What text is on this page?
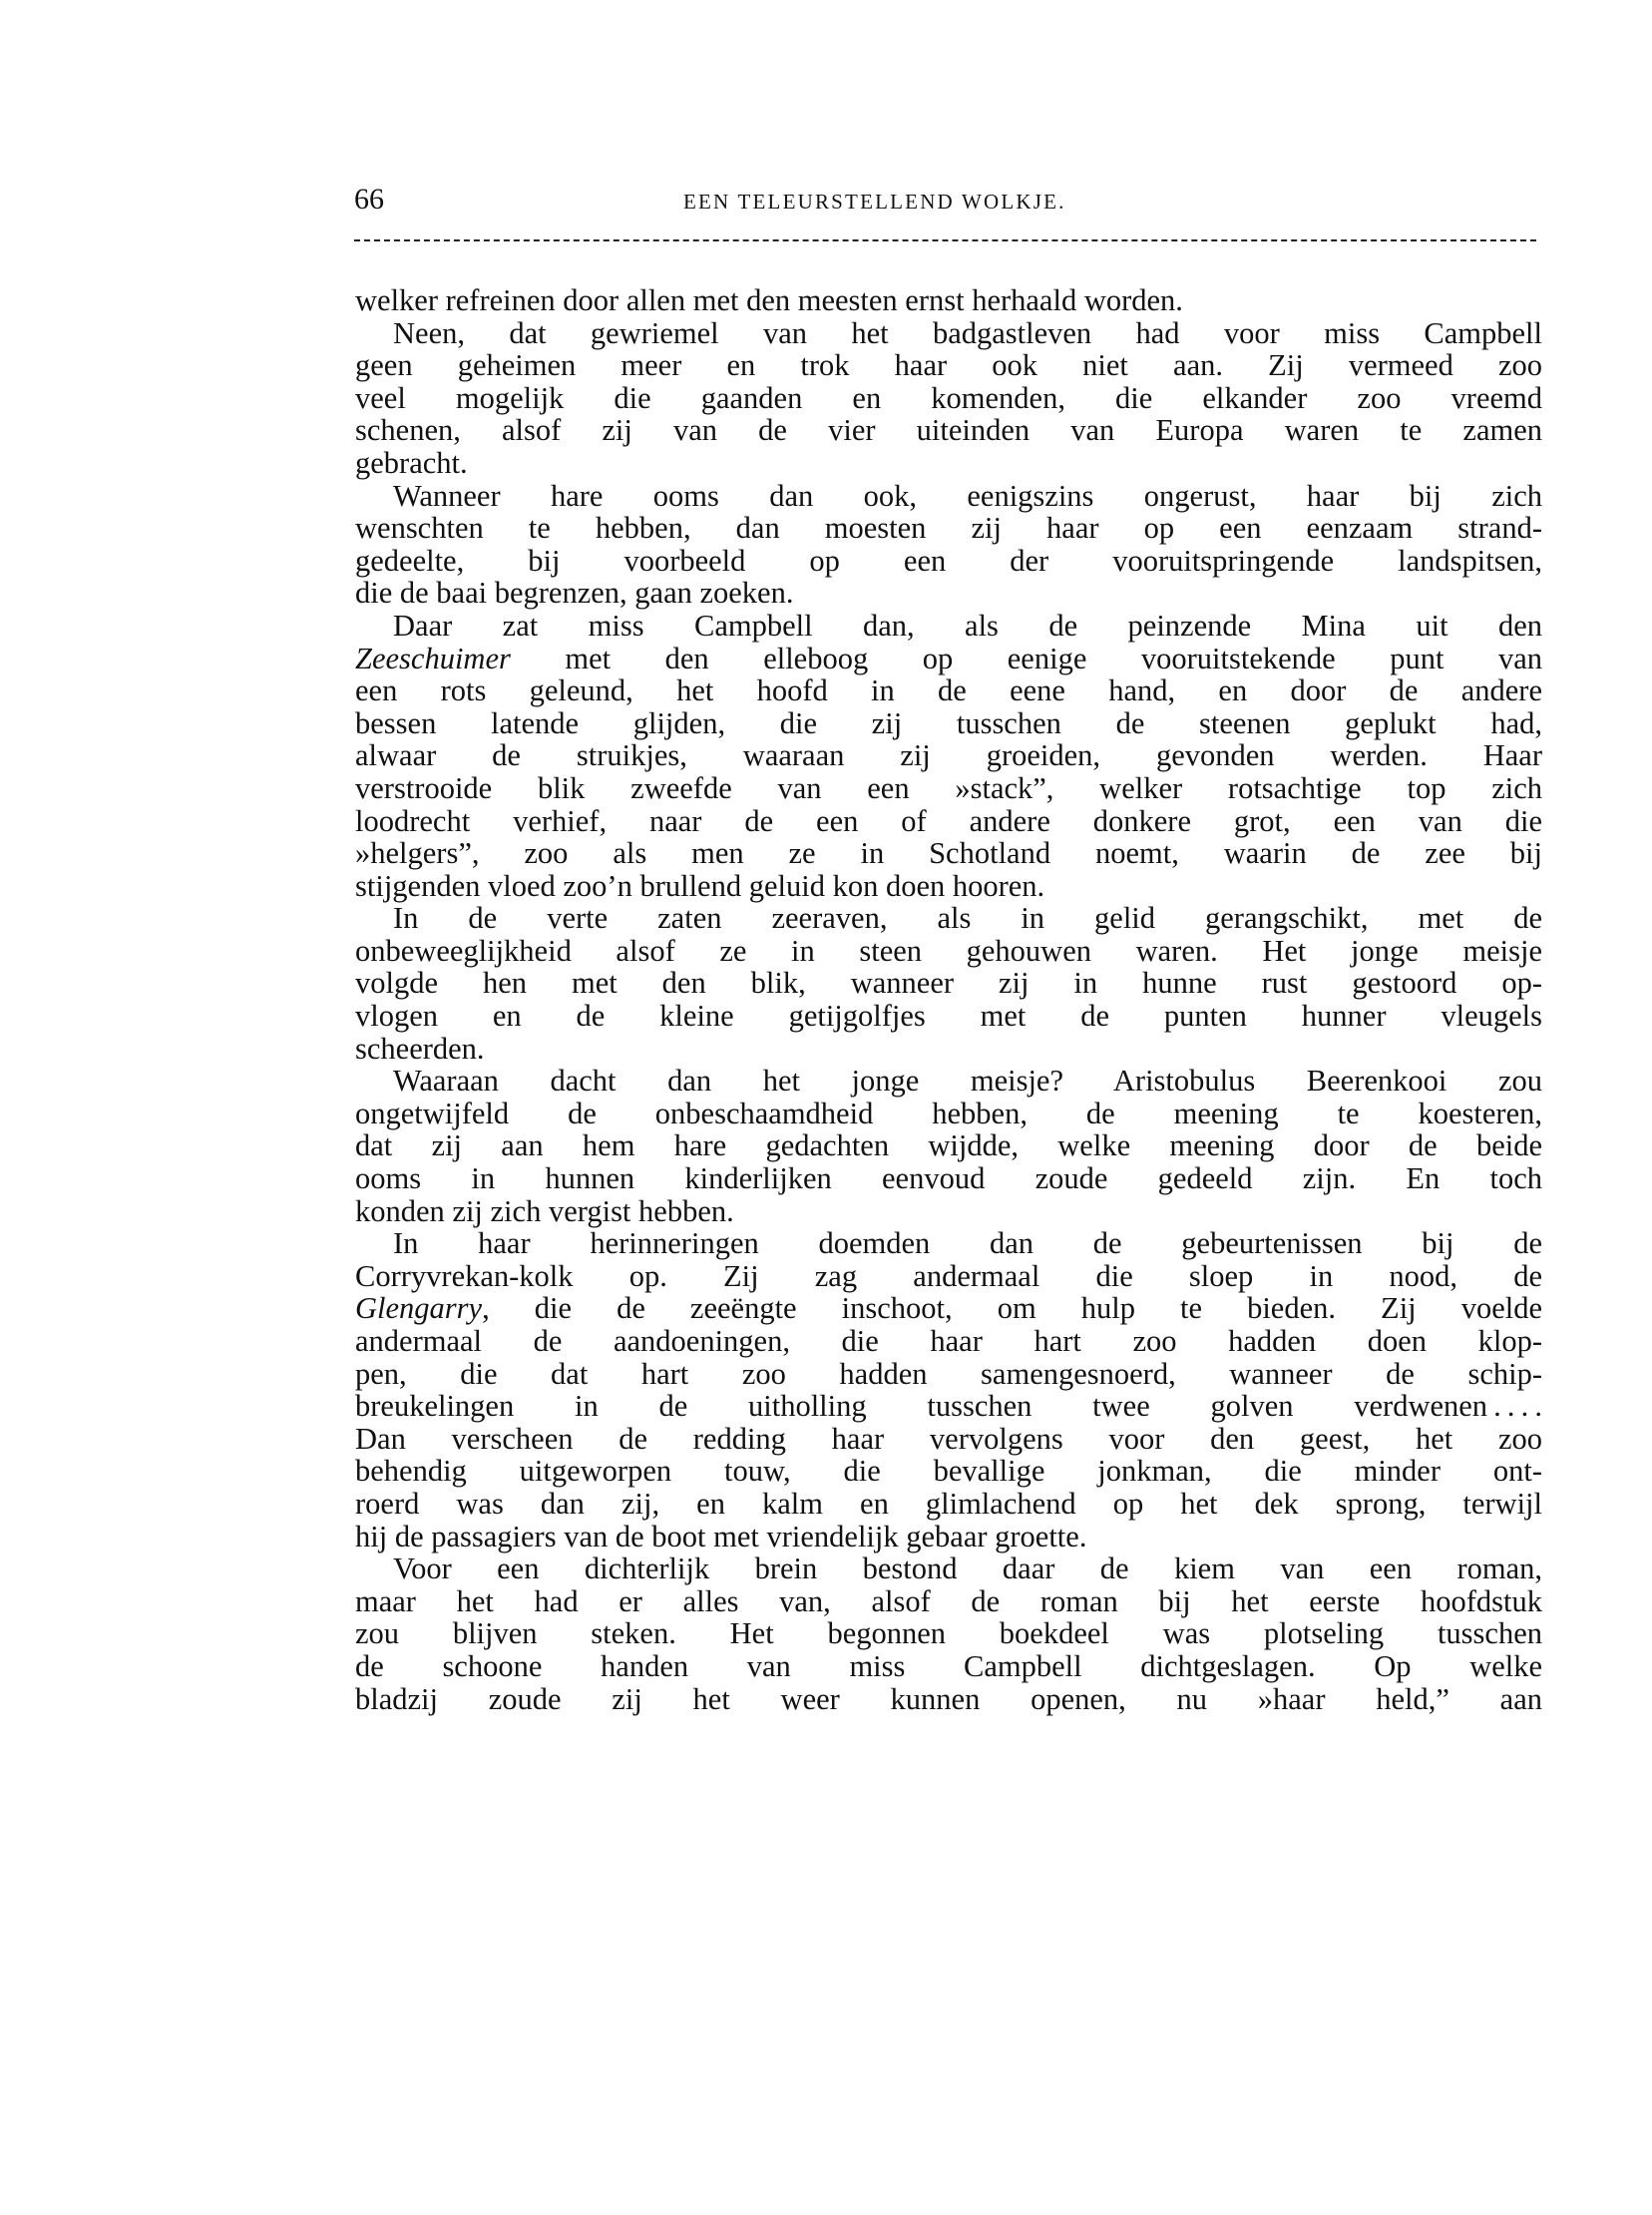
66	EEN TELEURSTELLEND WOLKJE.
welker refreinen door allen met den meesten ernst herhaald worden.
Neen, dat gewriemel van het badgastleven had voor miss Campbell
geen geheimen meer en trok haar ook niet aan. Zij vermeed zoo
veel mogelijk die gaanden en komenden, die elkander zoo vreemd
schenen, alsof zij van de vier uiteinden van Europa waren te zamen
gebracht.
Wanneer hare ooms dan ook, eenigszins ongerust, haar bij zich
wenschten te hebben, dan moesten zij haar op een eenzaam strand-
gedeelte, bij voorbeeld op een der vooruitspringende landspitsen,
die de baai begrenzen, gaan zoeken.
Daar zat miss Campbell dan, als de peinzende Mina uit den
Zeeschuimer met den elleboog op eenige vooruitstekende punt van
een rots geleund, het hoofd in de eene hand, en door de andere
bessen latende glijden, die zij tusschen de steenen geplukt had,
alwaar de struikjes, waaraan zij groeiden, gevonden werden. Haar
verstrooide blik zweefde van een »stack”, welker rotsachtige top zich
loodrecht verhief, naar de een of andere donkere grot, een van die
»helgers”, zoo als men ze in Schotland noemt, waarin de zee bij
stijgenden vloed zoo’n brullend geluid kon doen hooren.
In de verte zaten zeeraven, als in gelid gerangschikt, met de
onbeweeglijkheid alsof ze in steen gehouwen waren. Het jonge meisje
volgde hen met den blik, wanneer zij in hunne rust gestoord op-
vlogen en de kleine getijgolfjes met de punten hunner vleugels
scheerden.
Waaraan dacht dan het jonge meisje? Aristobulus Beerenkooi zou
ongetwijfeld de onbeschaamdheid hebben, de meening te koesteren,
dat zij aan hem hare gedachten wijdde, welke meening door de beide
ooms in hunnen kinderlijken eenvoud zoude gedeeld zijn. En toch
konden zij zich vergist hebben.
In haar herinneringen doemden dan de gebeurtenissen bij de
Corryvrekan-kolk op. Zij zag andermaal die sloep in nood, de
Glengarry, die de zeeëngte inschoot, om hulp te bieden. Zij voelde
andermaal de aandoeningen, die haar hart zoo hadden doen klop-
pen, die dat hart zoo hadden samengesnoerd, wanneer de schip-
breukelingen in de uitholling tusschen twee golven verdwenen . . . .
Dan verscheen de redding haar vervolgens voor den geest, het zoo
behendig uitgeworpen touw, die bevallige jonkman, die minder ont-
roerd was dan zij, en kalm en glimlachend op het dek sprong, terwijl
hij de passagiers van de boot met vriendelijk gebaar groette.
Voor een dichterlijk brein bestond daar de kiem van een roman,
maar het had er alles van, alsof de roman bij het eerste hoofdstuk
zou blijven steken. Het begonnen boekdeel was plotseling tusschen
de schoone handen van miss Campbell dichtgeslagen. Op welke
bladzij zoude zij het weer kunnen openen, nu »haar held,” aan
